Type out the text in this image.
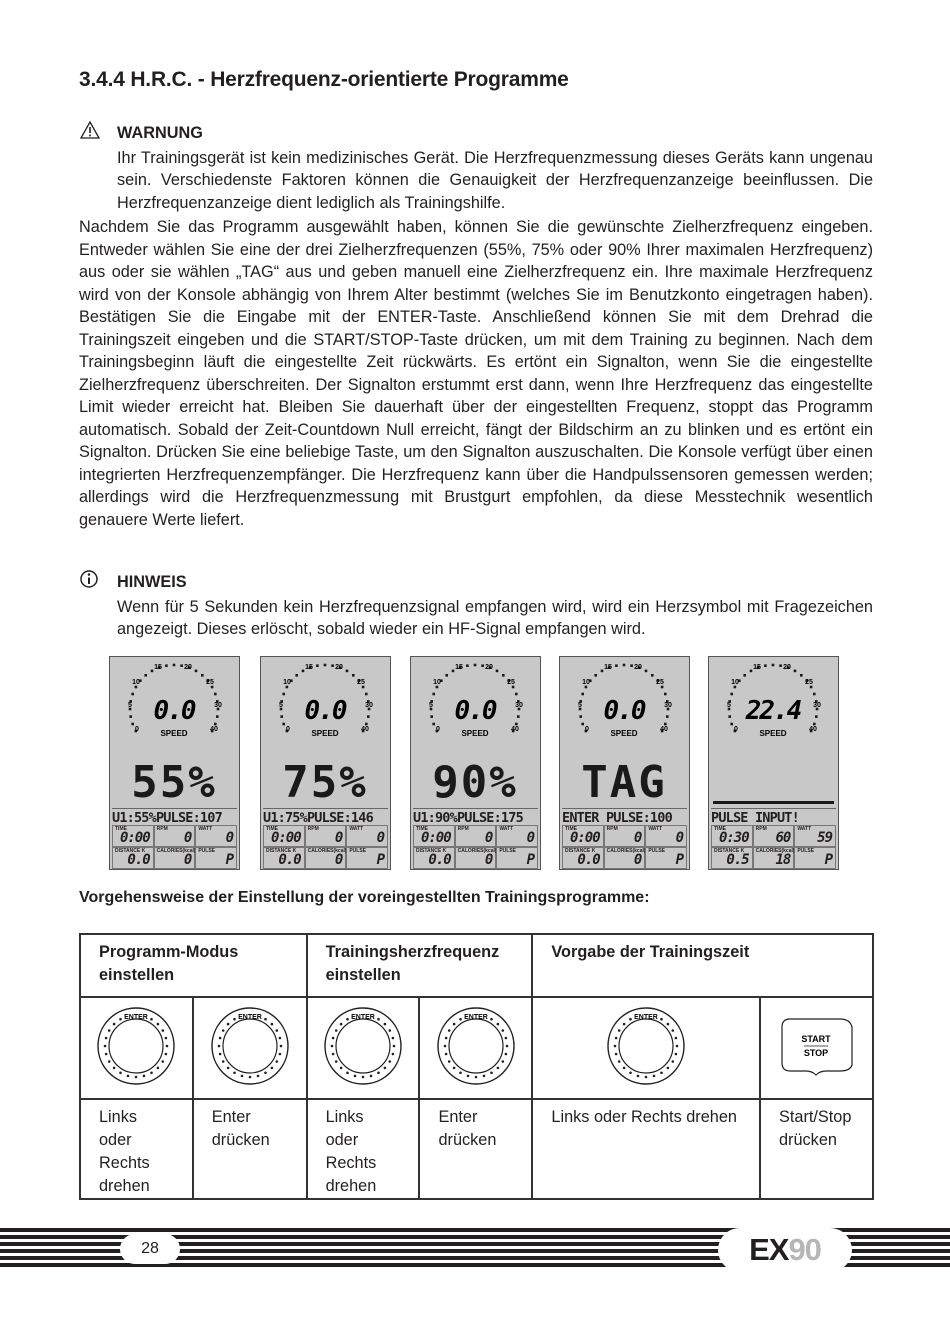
3.4.4 H.R.C. - Herzfrequenz-orientierte Programme
WARNUNG
Ihr Trainingsgerät ist kein medizinisches Gerät. Die Herzfrequenzmessung dieses Geräts kann ungenau sein. Verschiedenste Faktoren können die Genauigkeit der Herzfrequenzanzeige beeinflussen. Die Herzfrequenzanzeige dient lediglich als Trainingshilfe.
Nachdem Sie das Programm ausgewählt haben, können Sie die gewünschte Zielherzfrequenz eingeben. Entweder wählen Sie eine der drei Zielherzfrequenzen (55%, 75% oder 90% Ihrer maximalen Herzfrequenz) aus oder sie wählen „TAG“ aus und geben manuell eine Zielherzfrequenz ein. Ihre maximale Herzfrequenz wird von der Konsole abhängig von Ihrem Alter bestimmt (welches Sie im Benutzkonto eingetragen haben). Bestätigen Sie die Eingabe mit der ENTER-Taste. Anschließend können Sie mit dem Drehrad die Trainingszeit eingeben und die START/STOP-Taste drücken, um mit dem Training zu beginnen. Nach dem Trainingsbeginn läuft die eingestellte Zeit rückwärts. Es ertönt ein Signalton, wenn Sie die eingestellte Zielherzfrequenz überschreiten. Der Signalton erstummt erst dann, wenn Ihre Herzfrequenz das eingestellte Limit wieder erreicht hat. Bleiben Sie dauerhaft über der eingestellten Frequenz, stoppt das Programm automatisch. Sobald der Zeit-Countdown Null erreicht, fängt der Bildschirm an zu blinken und es ertönt ein Signalton. Drücken Sie eine beliebige Taste, um den Signalton auszuschalten. Die Konsole verfügt über einen integrierten Herzfrequenzempfänger. Die Herzfrequenz kann über die Handpulssensoren gemessen werden; allerdings wird die Herzfrequenzmessung mit Brustgurt empfohlen, da diese Messtechnik wesentlich genauere Werte liefert.
HINWEIS
Wenn für 5 Sekunden kein Herzfrequenzsignal empfangen wird, wird ein Herzsymbol mit Fragezeichen angezeigt. Dieses erlöscht, sobald wieder ein HF-Signal empfangen wird.
0
5
10
15	20
25
30
40
0.0
SPEED
55%
U1:55%PULSE:107
TIME
0:00
RPM
0
WATT
0
DISTANCE K
0.0
CALORIES(kcal)
0
PULSE
P
0
5
10
15	20
25
30
40
0.0
SPEED
75%
U1:75%PULSE:146
TIME
0:00
RPM
0
WATT
0
DISTANCE K
0.0
CALORIES(kcal)
0
PULSE
P
0
5
10
15	20
25
30
40
0.0
SPEED
90%
U1:90%PULSE:175
TIME
0:00
RPM
0
WATT
0
DISTANCE K
0.0
CALORIES(kcal)
0
PULSE
P
0
5
10
15	20
25
30
40
0.0
SPEED
TAG
ENTER PULSE:100
TIME
0:00
RPM
0
WATT
0
DISTANCE K
0.0
CALORIES(kcal)
0
PULSE
P
0
5
10
15	20
25
30
40
22.4
SPEED
PULSE INPUT!
TIME
0:30
RPM
60
WATT
59
DISTANCE K
0.5
CALORIES(kcal)
18
PULSE
P
Vorgehensweise der Einstellung der voreingestellten Trainingsprogramme:
Programm-Modus einstellen		Trainingsherzfrequenz einstellen		Vorgabe der Trainingszeit	

ENTER	ENTER	ENTER	ENTER	ENTER	START
STOP

Links oder Rechts drehen	Enter drücken	Links oder Rechts drehen	Enter drücken	Links oder Rechts drehen	Start/Stop drücken
28	EX90
